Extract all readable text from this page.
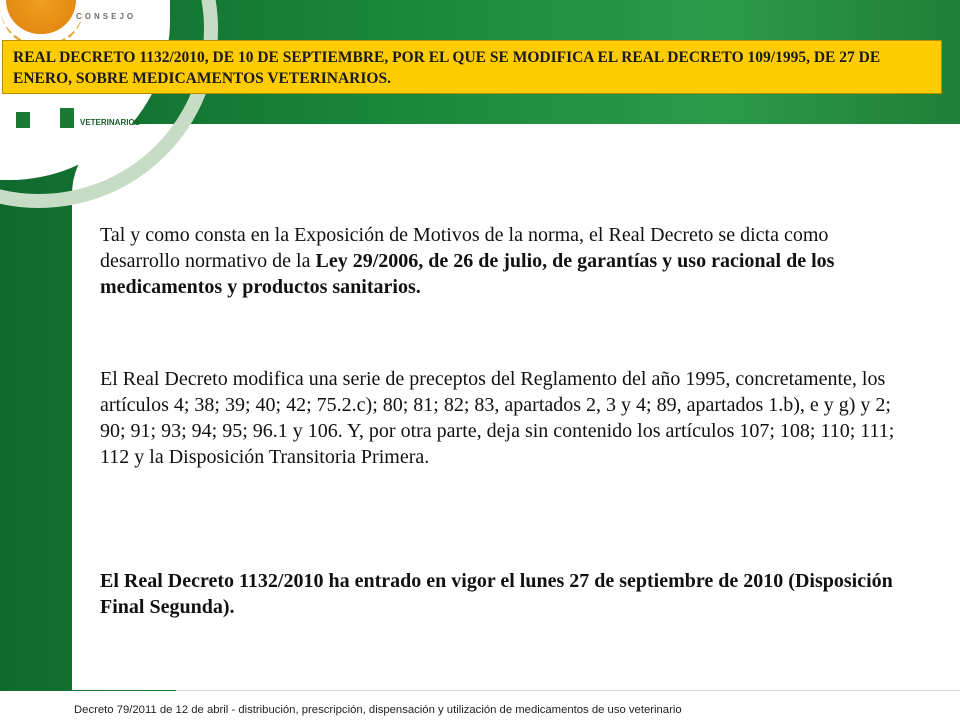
CONSEJO
VETERINARIOS
REAL DECRETO 1132/2010, DE 10 DE SEPTIEMBRE, POR EL QUE SE MODIFICA EL REAL DECRETO 109/1995, DE 27 DE ENERO, SOBRE MEDICAMENTOS VETERINARIOS.
Tal y como consta en la Exposición de Motivos de la norma, el Real Decreto se dicta como desarrollo normativo de la Ley 29/2006, de 26 de julio, de garantías y uso racional de los medicamentos y productos sanitarios.
El Real Decreto modifica una serie de preceptos del Reglamento del año 1995, concretamente, los artículos 4; 38; 39; 40; 42; 75.2.c); 80; 81; 82; 83, apartados 2, 3 y 4; 89, apartados 1.b), e y g) y 2; 90; 91; 93; 94; 95; 96.1 y 106. Y, por otra parte, deja sin contenido los artículos 107; 108; 110; 111; 112 y la Disposición Transitoria Primera.
El Real Decreto 1132/2010 ha entrado en vigor el lunes 27 de septiembre de 2010 (Disposición Final Segunda).
Decreto 79/2011 de 12 de abril - distribución, prescripción, dispensación y utilización de medicamentos de uso veterinario
